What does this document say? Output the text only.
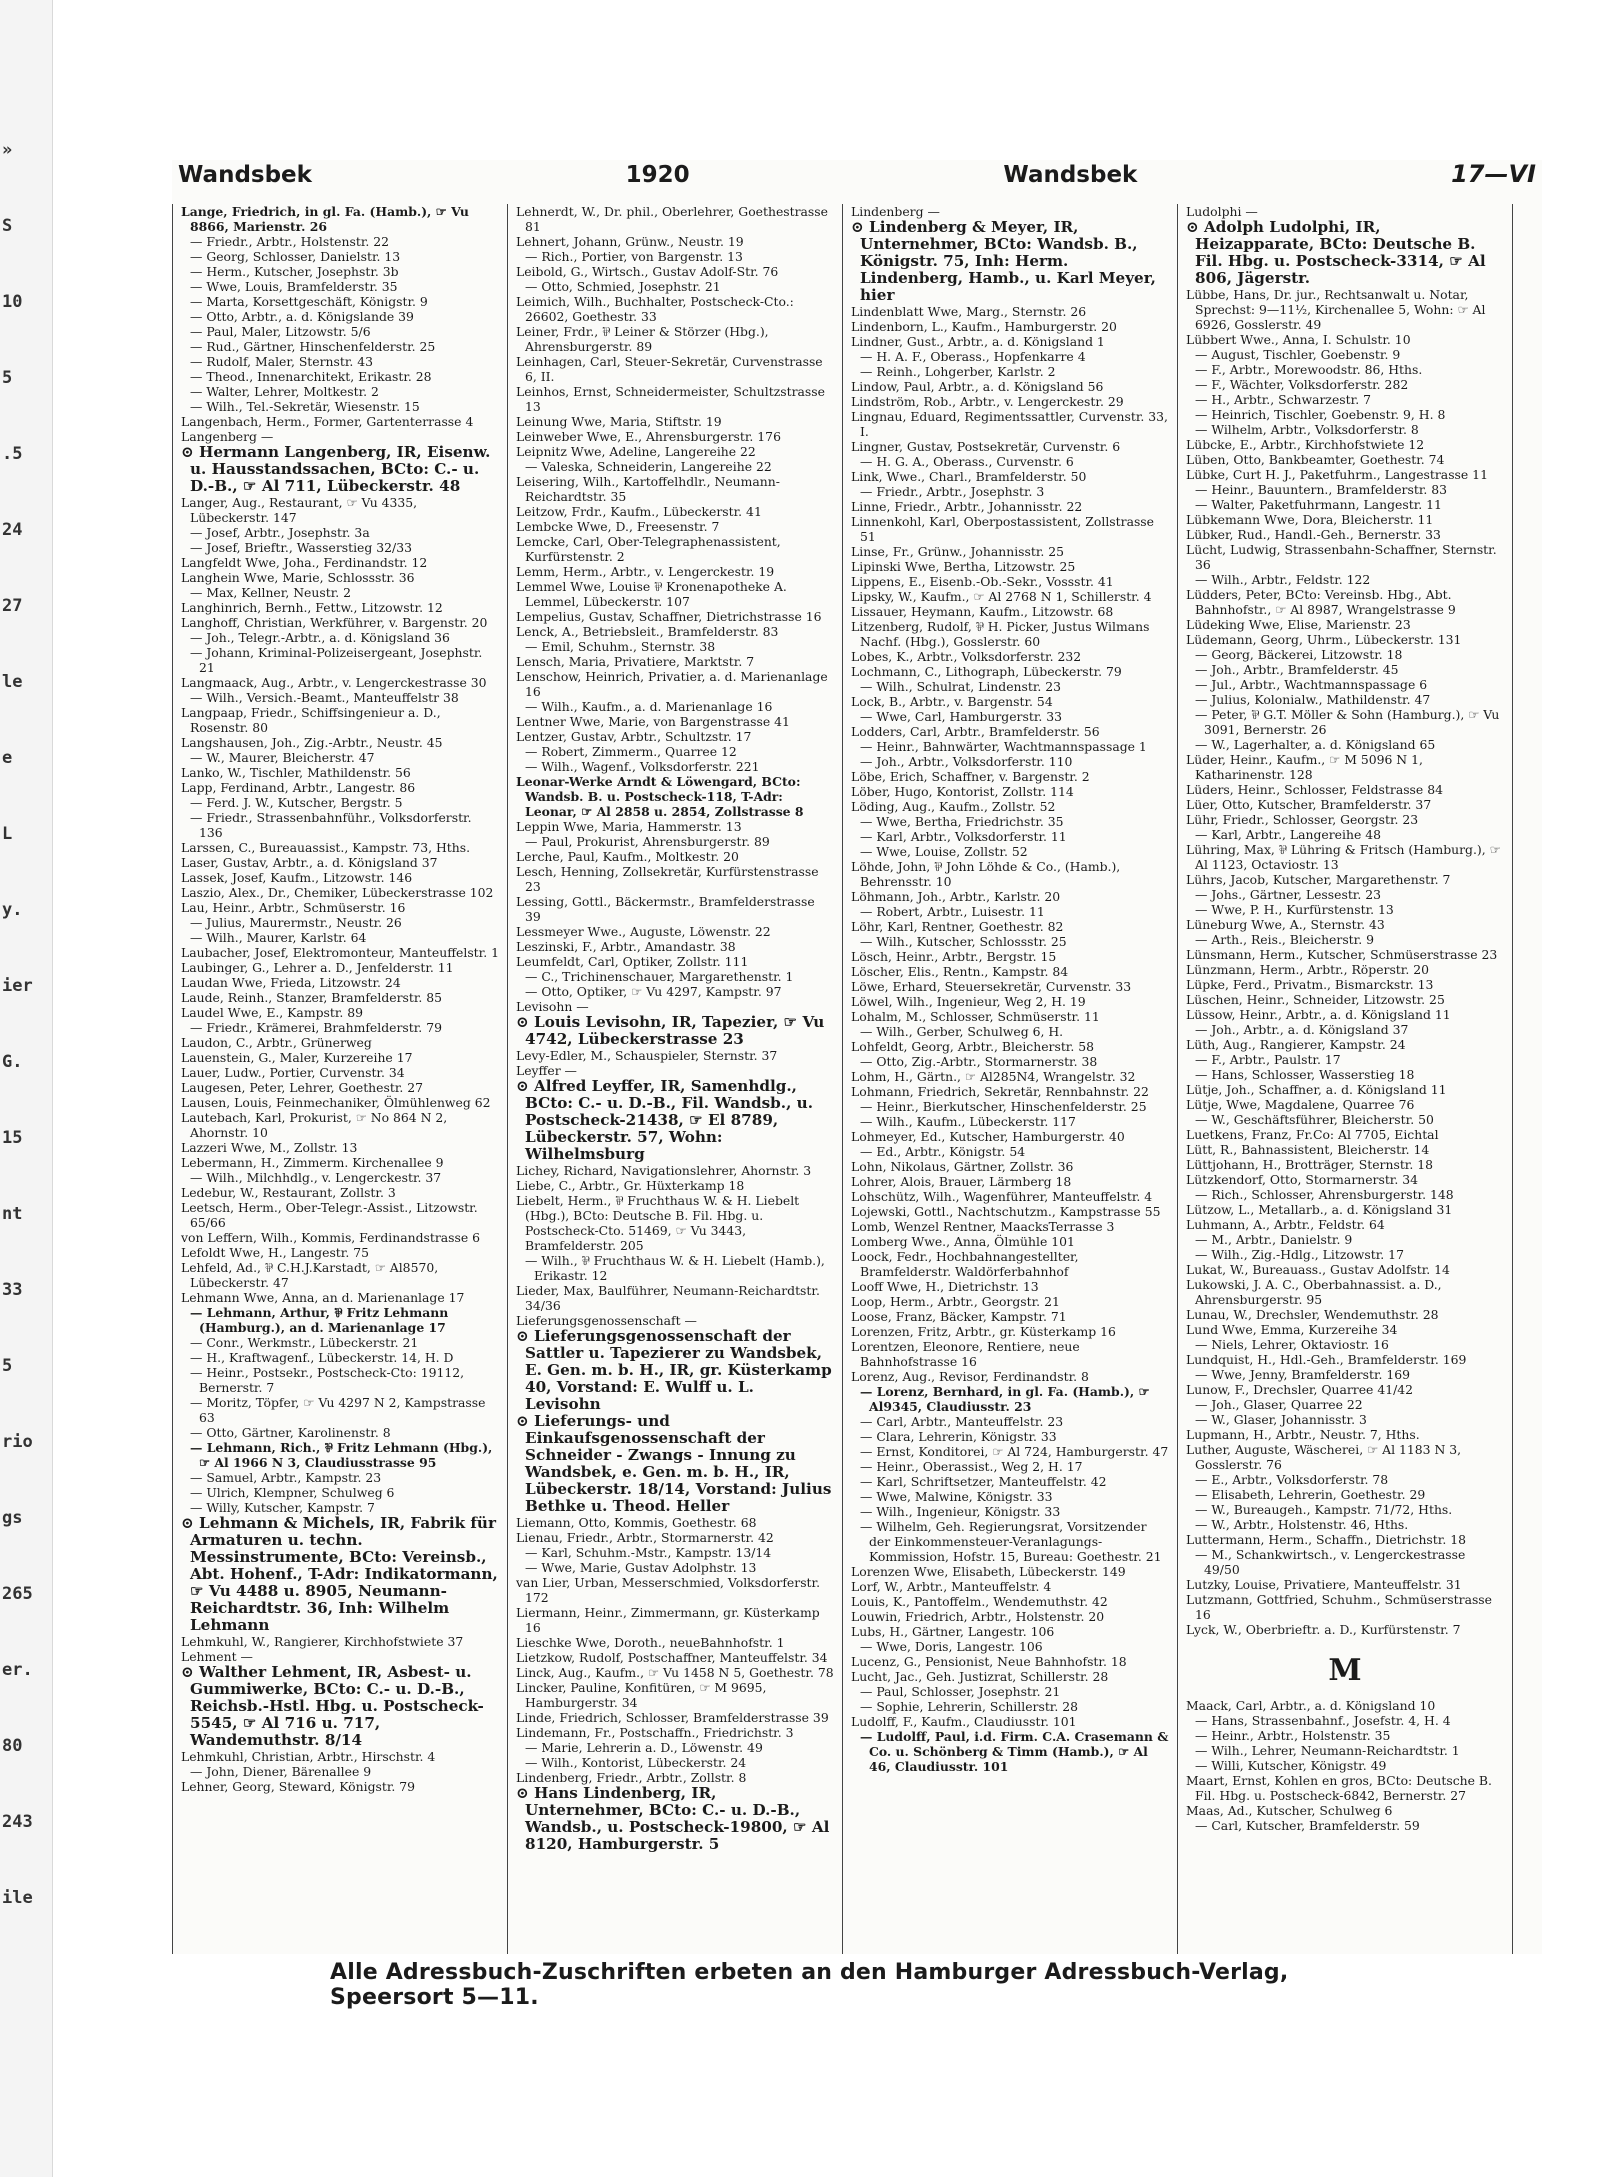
»
S
10
5
.5
24
27
le
e
L
y.
ier
G.
15
nt
33
5
rio
gs
265
er.
80
243
ile
Wandsbek	1920	Wandsbek	17—VI

Lange, Friedrich, in gl. Fa. (Hamb.), ☞ Vu 8866, Marienstr. 26

— Friedr., Arbtr., Holstenstr. 22

— Georg, Schlosser, Danielstr. 13

— Herm., Kutscher, Josephstr. 3b

— Wwe, Louis, Bramfelderstr. 35

— Marta, Korsettgeschäft, Königstr. 9

— Otto, Arbtr., a. d. Königslande 39

— Paul, Maler, Litzowstr. 5/6

— Rud., Gärtner, Hinschenfelderstr. 25

— Rudolf, Maler, Sternstr. 43

— Theod., Innenarchitekt, Erikastr. 28

— Walter, Lehrer, Moltkestr. 2

— Wilh., Tel.-Sekretär, Wiesenstr. 15

Langenbach, Herm., Former, Gartenterrasse 4

Langenberg —

⊙ Hermann Langenberg, IR, Eisenw. u. Hausstandssachen, BCto: C.- u. D.-B., ☞ Al 711, Lübeckerstr. 48

Langer, Aug., Restaurant, ☞ Vu 4335, Lübeckerstr. 147

— Josef, Arbtr., Josephstr. 3a

— Josef, Brieftr., Wasserstieg 32/33

Langfeldt Wwe, Joha., Ferdinandstr. 12

Langhein Wwe, Marie, Schlossstr. 36

— Max, Kellner, Neustr. 2

Langhinrich, Bernh., Fettw., Litzowstr. 12

Langhoff, Christian, Werkführer, v. Bargenstr. 20

— Joh., Telegr.-Arbtr., a. d. Königsland 36

— Johann, Kriminal-Polizeisergeant, Josephstr. 21

Langmaack, Aug., Arbtr., v. Lengerckestrasse 30

— Wilh., Versich.-Beamt., Manteuffelstr 38

Langpaap, Friedr., Schiffsingenieur a. D., Rosenstr. 80

Langshausen, Joh., Zig.-Arbtr., Neustr. 45

— W., Maurer, Bleicherstr. 47

Lanko, W., Tischler, Mathildenstr. 56

Lapp, Ferdinand, Arbtr., Langestr. 86

— Ferd. J. W., Kutscher, Bergstr. 5

— Friedr., Strassenbahnführ., Volksdorferstr. 136

Larssen, C., Bureauassist., Kampstr. 73, Hths.

Laser, Gustav, Arbtr., a. d. Königsland 37

Lassek, Josef, Kaufm., Litzowstr. 146

Laszio, Alex., Dr., Chemiker, Lübeckerstrasse 102

Lau, Heinr., Arbtr., Schmüserstr. 16

— Julius, Maurermstr., Neustr. 26

— Wilh., Maurer, Karlstr. 64

Laubacher, Josef, Elektromonteur, Manteuffelstr. 1

Laubinger, G., Lehrer a. D., Jenfelderstr. 11

Laudan Wwe, Frieda, Litzowstr. 24

Laude, Reinh., Stanzer, Bramfelderstr. 85

Laudel Wwe, E., Kampstr. 89

— Friedr., Krämerei, Brahmfelderstr. 79

Laudon, C., Arbtr., Grünerweg

Lauenstein, G., Maler, Kurzereihe 17

Lauer, Ludw., Portier, Curvenstr. 34

Laugesen, Peter, Lehrer, Goethestr. 27

Lausen, Louis, Feinmechaniker, Ölmühlenweg 62

Lautebach, Karl, Prokurist, ☞ No 864 N 2, Ahornstr. 10

Lazzeri Wwe, M., Zollstr. 13

Lebermann, H., Zimmerm. Kirchenallee 9

— Wilh., Milchhdlg., v. Lengerckestr. 37

Ledebur, W., Restaurant, Zollstr. 3

Leetsch, Herm., Ober-Telegr.-Assist., Litzowstr. 65/66

von Leffern, Wilh., Kommis, Ferdinandstrasse 6

Lefoldt Wwe, H., Langestr. 75

Lehfeld, Ad., ⅌ C.H.J.Karstadt, ☞ Al8570, Lübeckerstr. 47

Lehmann Wwe, Anna, an d. Marienanlage 17

— Lehmann, Arthur, ⅌ Fritz Lehmann (Hamburg.), an d. Marienanlage 17

— Conr., Werkmstr., Lübeckerstr. 21

— H., Kraftwagenf., Lübeckerstr. 14, H. D

— Heinr., Postsekr., Postscheck-Cto: 19112, Bernerstr. 7

— Moritz, Töpfer, ☞ Vu 4297 N 2, Kampstrasse 63

— Otto, Gärtner, Karolinenstr. 8

— Lehmann, Rich., ⅌ Fritz Lehmann (Hbg.), ☞ Al 1966 N 3, Claudiusstrasse 95

— Samuel, Arbtr., Kampstr. 23

— Ulrich, Klempner, Schulweg 6

— Willy, Kutscher, Kampstr. 7

⊙ Lehmann & Michels, IR, Fabrik für Armaturen u. techn. Messinstrumente, BCto: Vereinsb., Abt. Hohenf., T-Adr: Indikatormann, ☞ Vu 4488 u. 8905, Neumann-Reichardtstr. 36, Inh: Wilhelm Lehmann

Lehmkuhl, W., Rangierer, Kirchhofstwiete 37

Lehment —

⊙ Walther Lehment, IR, Asbest- u. Gummiwerke, BCto: C.- u. D.-B., Reichsb.-Hstl. Hbg. u. Postscheck-5545, ☞ Al 716 u. 717, Wandemuthstr. 8/14

Lehmkuhl, Christian, Arbtr., Hirschstr. 4

— John, Diener, Bärenallee 9

Lehner, Georg, Steward, Königstr. 79

Lehnerdt, W., Dr. phil., Oberlehrer, Goethestrasse 81

Lehnert, Johann, Grünw., Neustr. 19

— Rich., Portier, von Bargenstr. 13

Leibold, G., Wirtsch., Gustav Adolf-Str. 76

— Otto, Schmied, Josephstr. 21

Leimich, Wilh., Buchhalter, Postscheck-Cto.: 26602, Goethestr. 33

Leiner, Frdr., ⅌ Leiner & Störzer (Hbg.), Ahrensburgerstr. 89

Leinhagen, Carl, Steuer-Sekretär, Curvenstrasse 6, II.

Leinhos, Ernst, Schneidermeister, Schultzstrasse 13

Leinung Wwe, Maria, Stiftstr. 19

Leinweber Wwe, E., Ahrensburgerstr. 176

Leipnitz Wwe, Adeline, Langereihe 22

— Valeska, Schneiderin, Langereihe 22

Leisering, Wilh., Kartoffelhdlr., Neumann-Reichardtstr. 35

Leitzow, Frdr., Kaufm., Lübeckerstr. 41

Lembcke Wwe, D., Freesenstr. 7

Lemcke, Carl, Ober-Telegraphenassistent, Kurfürstenstr. 2

Lemm, Herm., Arbtr., v. Lengerckestr. 19

Lemmel Wwe, Louise ⅌ Kronenapotheke A. Lemmel, Lübeckerstr. 107

Lempelius, Gustav, Schaffner, Dietrichstrasse 16

Lenck, A., Betriebsleit., Bramfelderstr. 83

— Emil, Schuhm., Sternstr. 38

Lensch, Maria, Privatiere, Marktstr. 7

Lenschow, Heinrich, Privatier, a. d. Marienanlage 16

— Wilh., Kaufm., a. d. Marienanlage 16

Lentner Wwe, Marie, von Bargenstrasse 41

Lentzer, Gustav, Arbtr., Schultzstr. 17

— Robert, Zimmerm., Quarree 12

— Wilh., Wagenf., Volksdorferstr. 221

Leonar-Werke Arndt & Löwengard, BCto: Wandsb. B. u. Postscheck-118, T-Adr: Leonar, ☞ Al 2858 u. 2854, Zollstrasse 8

Leppin Wwe, Maria, Hammerstr. 13

— Paul, Prokurist, Ahrensburgerstr. 89

Lerche, Paul, Kaufm., Moltkestr. 20

Lesch, Henning, Zollsekretär, Kurfürstenstrasse 23

Lessing, Gottl., Bäckermstr., Bramfelderstrasse 39

Lessmeyer Wwe., Auguste, Löwenstr. 22

Leszinski, F., Arbtr., Amandastr. 38

Leumfeldt, Carl, Optiker, Zollstr. 111

— C., Trichinenschauer, Margarethenstr. 1

— Otto, Optiker, ☞ Vu 4297, Kampstr. 97

Levisohn —

⊙ Louis Levisohn, IR, Tapezier, ☞ Vu 4742, Lübeckerstrasse 23

Levy-Edler, M., Schauspieler, Sternstr. 37

Leyffer —

⊙ Alfred Leyffer, IR, Samenhdlg., BCto: C.- u. D.-B., Fil. Wandsb., u. Postscheck-21438, ☞ El 8789, Lübeckerstr. 57, Wohn: Wilhelmsburg

Lichey, Richard, Navigationslehrer, Ahornstr. 3

Liebe, C., Arbtr., Gr. Hüxterkamp 18

Liebelt, Herm., ⅌ Fruchthaus W. & H. Liebelt (Hbg.), BCto: Deutsche B. Fil. Hbg. u. Postscheck-Cto. 51469, ☞ Vu 3443, Bramfelderstr. 205

— Wilh., ⅌ Fruchthaus W. & H. Liebelt (Hamb.), Erikastr. 12

Lieder, Max, Baulführer, Neumann-Reichardtstr. 34/36

Lieferungsgenossenschaft —

⊙ Lieferungsgenossenschaft der Sattler u. Tapezierer zu Wandsbek, E. Gen. m. b. H., IR, gr. Küsterkamp 40, Vorstand: E. Wulff u. L. Levisohn

⊙ Lieferungs- und Einkaufsgenossenschaft der Schneider - Zwangs - Innung zu Wandsbek, e. Gen. m. b. H., IR, Lübeckerstr. 18/14, Vorstand: Julius Bethke u. Theod. Heller

Liemann, Otto, Kommis, Goethestr. 68

Lienau, Friedr., Arbtr., Stormarnerstr. 42

— Karl, Schuhm.-Mstr., Kampstr. 13/14

— Wwe, Marie, Gustav Adolphstr. 13

van Lier, Urban, Messerschmied, Volksdorferstr. 172

Liermann, Heinr., Zimmermann, gr. Küsterkamp 16

Lieschke Wwe, Doroth., neueBahnhofstr. 1

Lietzkow, Rudolf, Postschaffner, Manteuffelstr. 34

Linck, Aug., Kaufm., ☞ Vu 1458 N 5, Goethestr. 78

Lincker, Pauline, Konfitüren, ☞ M 9695, Hamburgerstr. 34

Linde, Friedrich, Schlosser, Bramfelderstrasse 39

Lindemann, Fr., Postschaffn., Friedrichstr. 3

— Marie, Lehrerin a. D., Löwenstr. 49

— Wilh., Kontorist, Lübeckerstr. 24

Lindenberg, Friedr., Arbtr., Zollstr. 8

⊙ Hans Lindenberg, IR, Unternehmer, BCto: C.- u. D.-B., Wandsb., u. Postscheck-19800, ☞ Al 8120, Hamburgerstr. 5

Lindenberg —

⊙ Lindenberg & Meyer, IR, Unternehmer, BCto: Wandsb. B., Königstr. 75, Inh: Herm. Lindenberg, Hamb., u. Karl Meyer, hier

Lindenblatt Wwe, Marg., Sternstr. 26

Lindenborn, L., Kaufm., Hamburgerstr. 20

Lindner, Gust., Arbtr., a. d. Königsland 1

— H. A. F., Oberass., Hopfenkarre 4

— Reinh., Lohgerber, Karlstr. 2

Lindow, Paul, Arbtr., a. d. Königsland 56

Lindström, Rob., Arbtr., v. Lengerckestr. 29

Lingnau, Eduard, Regimentssattler, Curvenstr. 33, I.

Lingner, Gustav, Postsekretär, Curvenstr. 6

— H. G. A., Oberass., Curvenstr. 6

Link, Wwe., Charl., Bramfelderstr. 50

— Friedr., Arbtr., Josephstr. 3

Linne, Friedr., Arbtr., Johannisstr. 22

Linnenkohl, Karl, Oberpostassistent, Zollstrasse 51

Linse, Fr., Grünw., Johannisstr. 25

Lipinski Wwe, Bertha, Litzowstr. 25

Lippens, E., Eisenb.-Ob.-Sekr., Vossstr. 41

Lipsky, W., Kaufm., ☞ Al 2768 N 1, Schillerstr. 4

Lissauer, Heymann, Kaufm., Litzowstr. 68

Litzenberg, Rudolf, ⅌ H. Picker, Justus Wilmans Nachf. (Hbg.), Gosslerstr. 60

Lobes, K., Arbtr., Volksdorferstr. 232

Lochmann, C., Lithograph, Lübeckerstr. 79

— Wilh., Schulrat, Lindenstr. 23

Lock, B., Arbtr., v. Bargenstr. 54

— Wwe, Carl, Hamburgerstr. 33

Lodders, Carl, Arbtr., Bramfelderstr. 56

— Heinr., Bahnwärter, Wachtmannspassage 1

— Joh., Arbtr., Volksdorferstr. 110

Löbe, Erich, Schaffner, v. Bargenstr. 2

Löber, Hugo, Kontorist, Zollstr. 114

Löding, Aug., Kaufm., Zollstr. 52

— Wwe, Bertha, Friedrichstr. 35

— Karl, Arbtr., Volksdorferstr. 11

— Wwe, Louise, Zollstr. 52

Löhde, John, ⅌ John Löhde & Co., (Hamb.), Behrensstr. 10

Löhmann, Joh., Arbtr., Karlstr. 20

— Robert, Arbtr., Luisestr. 11

Löhr, Karl, Rentner, Goethestr. 82

— Wilh., Kutscher, Schlossstr. 25

Lösch, Heinr., Arbtr., Bergstr. 15

Löscher, Elis., Rentn., Kampstr. 84

Löwe, Erhard, Steuersekretär, Curvenstr. 33

Löwel, Wilh., Ingenieur, Weg 2, H. 19

Lohalm, M., Schlosser, Schmüserstr. 11

— Wilh., Gerber, Schulweg 6, H.

Lohfeldt, Georg, Arbtr., Bleicherstr. 58

— Otto, Zig.-Arbtr., Stormarnerstr. 38

Lohm, H., Gärtn., ☞ Al285N4, Wrangelstr. 32

Lohmann, Friedrich, Sekretär, Rennbahnstr. 22

— Heinr., Bierkutscher, Hinschenfelderstr. 25

— Wilh., Kaufm., Lübeckerstr. 117

Lohmeyer, Ed., Kutscher, Hamburgerstr. 40

— Ed., Arbtr., Königstr. 54

Lohn, Nikolaus, Gärtner, Zollstr. 36

Lohrer, Alois, Brauer, Lärmberg 18

Lohschütz, Wilh., Wagenführer, Manteuffelstr. 4

Lojewski, Gottl., Nachtschutzm., Kampstrasse 55

Lomb, Wenzel Rentner, MaacksTerrasse 3

Lomberg Wwe., Anna, Ölmühle 101

Loock, Fedr., Hochbahnangestellter, Bramfelderstr. Waldörferbahnhof

Looff Wwe, H., Dietrichstr. 13

Loop, Herm., Arbtr., Georgstr. 21

Loose, Franz, Bäcker, Kampstr. 71

Lorenzen, Fritz, Arbtr., gr. Küsterkamp 16

Lorentzen, Eleonore, Rentiere, neue Bahnhofstrasse 16

Lorenz, Aug., Revisor, Ferdinandstr. 8

— Lorenz, Bernhard, in gl. Fa. (Hamb.), ☞ Al9345, Claudiusstr. 23

— Carl, Arbtr., Manteuffelstr. 23

— Clara, Lehrerin, Königstr. 33

— Ernst, Konditorei, ☞ Al 724, Hamburgerstr. 47

— Heinr., Oberassist., Weg 2, H. 17

— Karl, Schriftsetzer, Manteuffelstr. 42

— Wwe, Malwine, Königstr. 33

— Wilh., Ingenieur, Königstr. 33

— Wilhelm, Geh. Regierungsrat, Vorsitzender der Einkommensteuer-Veranlagungs-Kommission, Hofstr. 15, Bureau: Goethestr. 21

Lorenzen Wwe, Elisabeth, Lübeckerstr. 149

Lorf, W., Arbtr., Manteuffelstr. 4

Louis, K., Pantoffelm., Wendemuthstr. 42

Louwin, Friedrich, Arbtr., Holstenstr. 20

Lubs, H., Gärtner, Langestr. 106

— Wwe, Doris, Langestr. 106

Lucenz, G., Pensionist, Neue Bahnhofstr. 18

Lucht, Jac., Geh. Justizrat, Schillerstr. 28

— Paul, Schlosser, Josephstr. 21

— Sophie, Lehrerin, Schillerstr. 28

Ludolff, F., Kaufm., Claudiusstr. 101

— Ludolff, Paul, i.d. Firm. C.A. Crasemann & Co. u. Schönberg & Timm (Hamb.), ☞ Al 46, Claudiusstr. 101

Ludolphi —

⊙ Adolph Ludolphi, IR, Heizapparate, BCto: Deutsche B. Fil. Hbg. u. Postscheck-3314, ☞ Al 806, Jägerstr.

Lübbe, Hans, Dr. jur., Rechtsanwalt u. Notar, Sprechst: 9—11½, Kirchenallee 5, Wohn: ☞ Al 6926, Gosslerstr. 49

Lübbert Wwe., Anna, I. Schulstr. 10

— August, Tischler, Goebenstr. 9

— F., Arbtr., Morewoodstr. 86, Hths.

— F., Wächter, Volksdorferstr. 282

— H., Arbtr., Schwarzestr. 7

— Heinrich, Tischler, Goebenstr. 9, H. 8

— Wilhelm, Arbtr., Volksdorferstr. 8

Lübcke, E., Arbtr., Kirchhofstwiete 12

Lüben, Otto, Bankbeamter, Goethestr. 74

Lübke, Curt H. J., Paketfuhrm., Langestrasse 11

— Heinr., Bauuntern., Bramfelderstr. 83

— Walter, Paketfuhrmann, Langestr. 11

Lübkemann Wwe, Dora, Bleicherstr. 11

Lübker, Rud., Handl.-Geh., Bernerstr. 33

Lücht, Ludwig, Strassenbahn-Schaffner, Sternstr. 36

— Wilh., Arbtr., Feldstr. 122

Lüdders, Peter, BCto: Vereinsb. Hbg., Abt. Bahnhofstr., ☞ Al 8987, Wrangelstrasse 9

Lüdeking Wwe, Elise, Marienstr. 23

Lüdemann, Georg, Uhrm., Lübeckerstr. 131

— Georg, Bäckerei, Litzowstr. 18

— Joh., Arbtr., Bramfelderstr. 45

— Jul., Arbtr., Wachtmannspassage 6

— Julius, Kolonialw., Mathildenstr. 47

— Peter, ⅌ G.T. Möller & Sohn (Hamburg.), ☞ Vu 3091, Bernerstr. 26

— W., Lagerhalter, a. d. Königsland 65

Lüder, Heinr., Kaufm., ☞ M 5096 N 1, Katharinenstr. 128

Lüders, Heinr., Schlosser, Feldstrasse 84

Lüer, Otto, Kutscher, Bramfelderstr. 37

Lühr, Friedr., Schlosser, Georgstr. 23

— Karl, Arbtr., Langereihe 48

Lühring, Max, ⅌ Lühring & Fritsch (Hamburg.), ☞ Al 1123, Octaviostr. 13

Lührs, Jacob, Kutscher, Margarethenstr. 7

— Johs., Gärtner, Lessestr. 23

— Wwe, P. H., Kurfürstenstr. 13

Lüneburg Wwe, A., Sternstr. 43

— Arth., Reis., Bleicherstr. 9

Lünsmann, Herm., Kutscher, Schmüserstrasse 23

Lünzmann, Herm., Arbtr., Röperstr. 20

Lüpke, Ferd., Privatm., Bismarckstr. 13

Lüschen, Heinr., Schneider, Litzowstr. 25

Lüssow, Heinr., Arbtr., a. d. Königsland 11

— Joh., Arbtr., a. d. Königsland 37

Lüth, Aug., Rangierer, Kampstr. 24

— F., Arbtr., Paulstr. 17

— Hans, Schlosser, Wasserstieg 18

Lütje, Joh., Schaffner, a. d. Königsland 11

Lütje, Wwe, Magdalene, Quarree 76

— W., Geschäftsführer, Bleicherstr. 50

Luetkens, Franz, Fr.Co: Al 7705, Eichtal

Lütt, R., Bahnassistent, Bleicherstr. 14

Lüttjohann, H., Brotträger, Sternstr. 18

Lützkendorf, Otto, Stormarnerstr. 34

— Rich., Schlosser, Ahrensburgerstr. 148

Lützow, L., Metallarb., a. d. Königsland 31

Luhmann, A., Arbtr., Feldstr. 64

— M., Arbtr., Danielstr. 9

— Wilh., Zig.-Hdlg., Litzowstr. 17

Lukat, W., Bureauass., Gustav Adolfstr. 14

Lukowski, J. A. C., Oberbahnassist. a. D., Ahrensburgerstr. 95

Lunau, W., Drechsler, Wendemuthstr. 28

Lund Wwe, Emma, Kurzereihe 34

— Niels, Lehrer, Oktaviostr. 16

Lundquist, H., Hdl.-Geh., Bramfelderstr. 169

— Wwe, Jenny, Bramfelderstr. 169

Lunow, F., Drechsler, Quarree 41/42

— Joh., Glaser, Quarree 22

— W., Glaser, Johannisstr. 3

Lupmann, H., Arbtr., Neustr. 7, Hths.

Luther, Auguste, Wäscherei, ☞ Al 1183 N 3, Gosslerstr. 76

— E., Arbtr., Volksdorferstr. 78

— Elisabeth, Lehrerin, Goethestr. 29

— W., Bureaugeh., Kampstr. 71/72, Hths.

— W., Arbtr., Holstenstr. 46, Hths.

Luttermann, Herm., Schaffn., Dietrichstr. 18

— M., Schankwirtsch., v. Lengerckestrasse 49/50

Lutzky, Louise, Privatiere, Manteuffelstr. 31

Lutzmann, Gottfried, Schuhm., Schmüserstrasse 16

Lyck, W., Oberbrieftr. a. D., Kurfürstenstr. 7

M

Maack, Carl, Arbtr., a. d. Königsland 10

— Hans, Strassenbahnf., Josefstr. 4, H. 4

— Heinr., Arbtr., Holstenstr. 35

— Wilh., Lehrer, Neumann-Reichardtstr. 1

— Willi, Kutscher, Königstr. 49

Maart, Ernst, Kohlen en gros, BCto: Deutsche B. Fil. Hbg. u. Postscheck-6842, Bernerstr. 27

Maas, Ad., Kutscher, Schulweg 6

— Carl, Kutscher, Bramfelderstr. 59

Alle Adressbuch-Zuschriften erbeten an den Hamburger Adressbuch-Verlag, Speersort 5—11.
